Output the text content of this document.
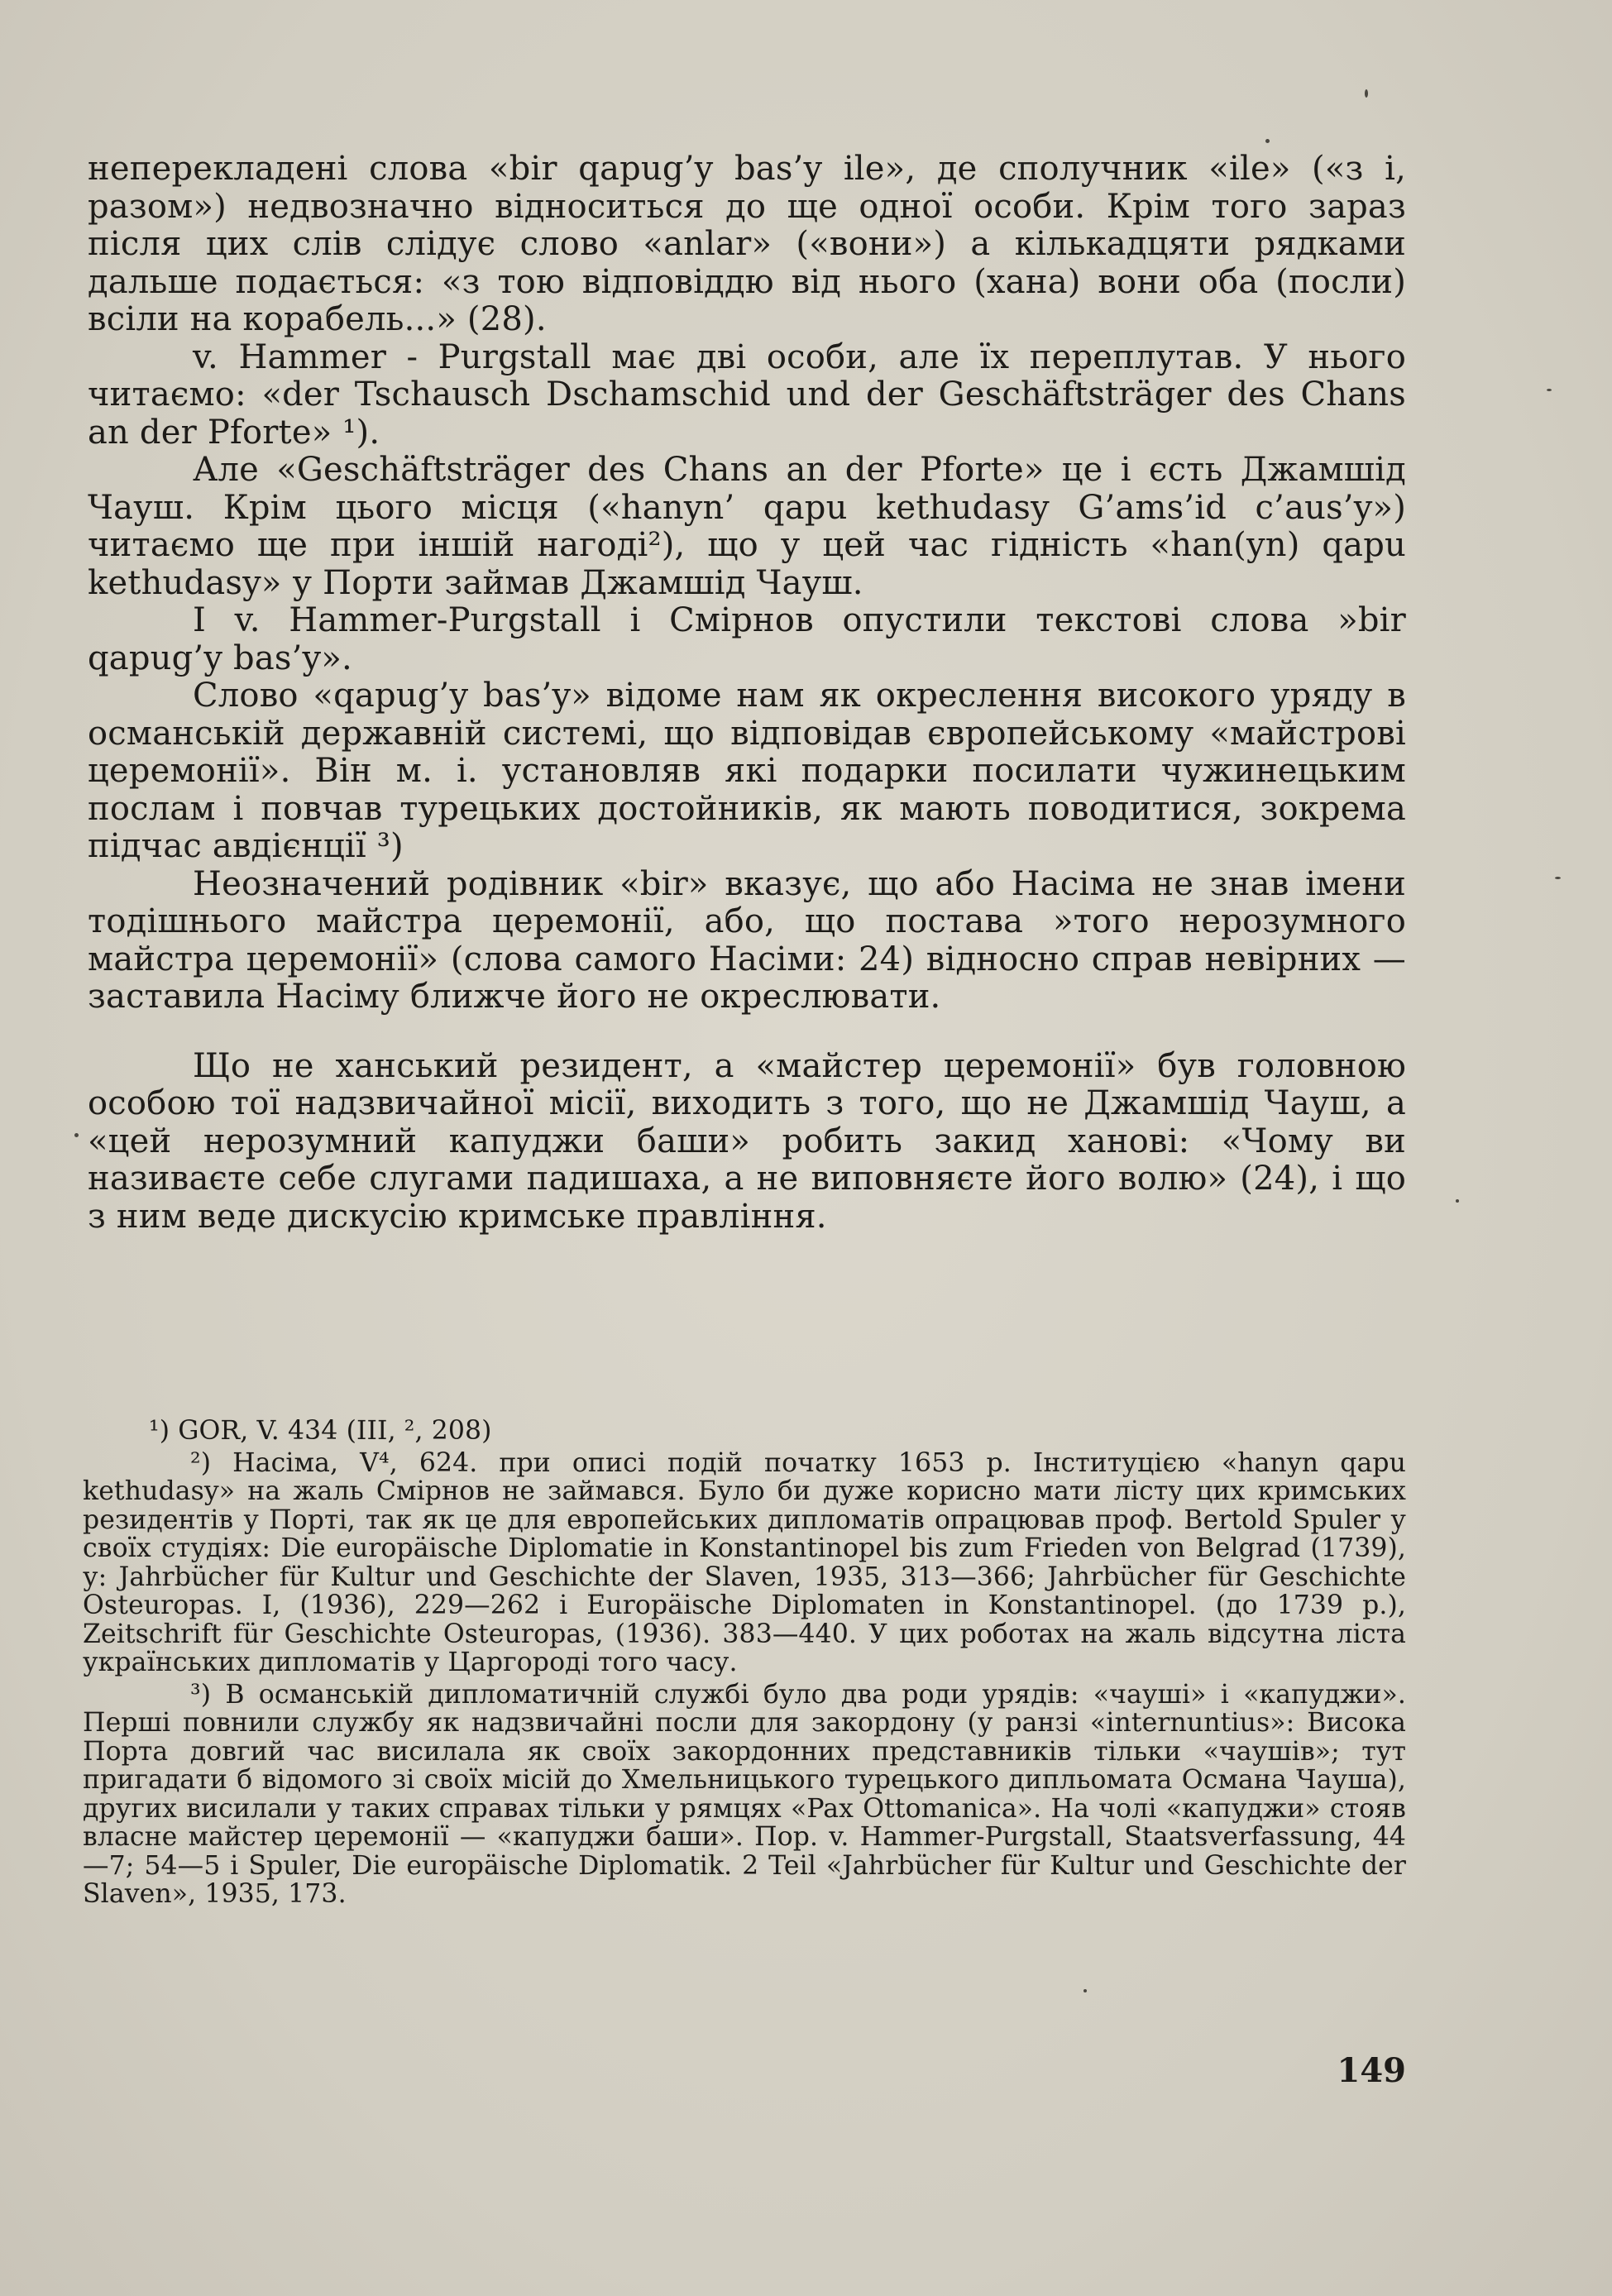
неперекладені слова «bir qapug’y bas’y ile», де сполучник «ile» («з і, разом») недвозначно відноситься до ще одної особи. Крім того зараз після цих слів слідує слово «anlar» («вони») а кількадцяти рядками дальше подається: «з тою відповіддю від нього (хана) вони оба (посли) всіли на корабель...» (28).

v. Hammer - Purgstall має дві особи, але їх переплутав. У нього читаємо: «der Tschausch Dschamschid und der Geschäftsträger des Chans an der Pforte» ¹).

Але «Geschäftsträger des Chans an der Pforte» це і єсть Джамшід Чауш. Крім цього місця («hanyn’ qapu kethudasy G’ams’id c’aus’y») читаємо ще при іншій нагоді²), що у цей час гідність «han(yn) qapu kethudasy» у Порти займав Джамшід Чауш.

I v. Hammer-Purgstall і Смірнов опустили текстові слова »bir qapug’y bas’y».

Слово «qapug’y bas’y» відоме нам як окреслення високого уряду в османській державній системі, що відповідав європейському «майстрові церемонії». Він м. і. установляв які подарки посилати чужинецьким послам і повчав турецьких достойників, як мають поводитися, зокрема підчас авдієнції ³)

Неозначений родівник «bir» вказує, що або Насіма не знав імени тодішнього майстра церемонії, або, що постава »того нерозумного майстра церемонії» (слова самого Насіми: 24) відносно справ невірних — заставила Насіму ближче його не окреслювати.

Що не ханський резидент, а «майстер церемонії» був головною особою тої надзвичайної місії, виходить з того, що не Джамшід Чауш, а «цей нерозумний капуджи баши» робить закид ханові: «Чому ви називаєте себе слугами падишаха, а не виповняєте його волю» (24), і що з ним веде дискусію кримське правління.

¹) GOR, V. 434 (III, ², 208)

²) Насіма, V⁴, 624. при описі подій початку 1653 р. Інституцією «hanyn qapu kethudasy» на жаль Смірнов не займався. Було би дуже корисно мати лісту цих кримських резидентів у Порті, так як це для европейських дипломатів опрацював проф. Bertold Spuler у своїх студіях: Die europäische Diplomatie in Konstantinopel bis zum Frieden von Belgrad (1739), у: Jahrbücher für Kultur und Geschichte der Slaven, 1935, 313—366; Jahrbücher für Geschichte Osteuropas. I, (1936), 229—262 і Europäische Diplomaten in Konstantinopel. (до 1739 р.), Zeitschrift für Geschichte Osteuropas, (1936). 383—440. У цих роботах на жаль відсутна ліста українських дипломатів у Царгороді того часу.

³) В османській дипломатичній службі було два роди урядів: «чауші» і «капуджи». Перші повнили службу як надзвичайні посли для закордону (у ранзі «internuntius»: Висока Порта довгий час висилала як своїх закордонних представників тільки «чаушів»; тут пригадати б відомого зі своїх місій до Хмельницького турецького дипльомата Османа Чауша), других висилали у таких справах тільки у рямцях «Pax Ottomanica». На чолі «капуджи» стояв власне майстер церемонії — «капуджи баши». Пор. v. Hammer-Purgstall, Staatsverfassung, 44—7; 54—5 і Spuler, Die europäische Diplomatik. 2 Teil «Jahrbücher für Kultur und Geschichte der Slaven», 1935, 173.

149
